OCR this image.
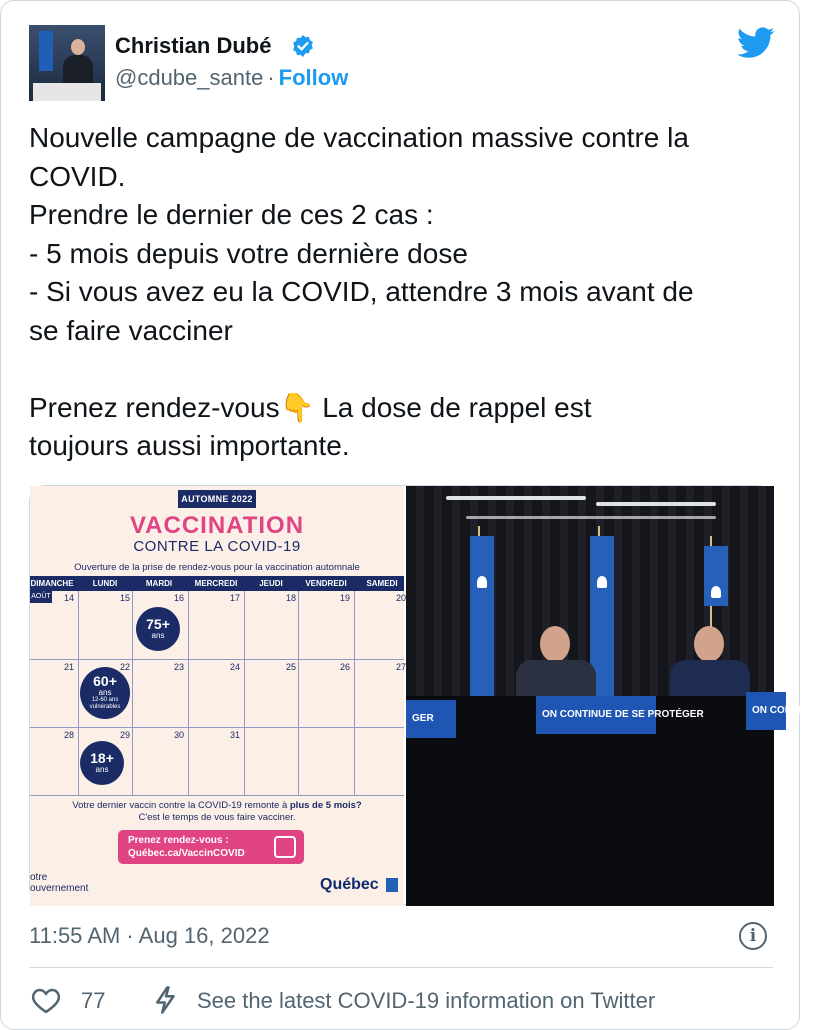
Christian Dubé
@cdube_sante · Follow
Nouvelle campagne de vaccination massive contre la
COVID.
Prendre le dernier de ces 2 cas :
- 5 mois depuis votre dernière dose
- Si vous avez eu la COVID, attendre 3 mois avant de
se faire vacciner
Prenez rendez-vous👇 La dose de rappel est
toujours aussi importante.
AUTOMNE 2022
VACCINATION
CONTRE LA COVID-19
Ouverture de la prise de rendez-vous pour la vaccination automnale
DIMANCHE	LUNDI	MARDI	MERCREDI	JEUDI	VENDREDI	SAMEDI
AOÛT 14	15	16	17	18	19	20
21	22	23	24	25	26	27
28	29	30	31
75+
ans
60+
ans
12-60 ans
vulnérables
18+
ans
Votre dernier vaccin contre la COVID-19 remonte à plus de 5 mois?
C'est le temps de vous faire vacciner.
Prenez rendez-vous :
Québec.ca/VaccinCOVID
otre
ouvernement	Québec
GER	ON CONTINUE DE SE PROTÉGER	ON CONTINU
11:55 AM · Aug 16, 2022	i
77	See the latest COVID-19 information on Twitter
